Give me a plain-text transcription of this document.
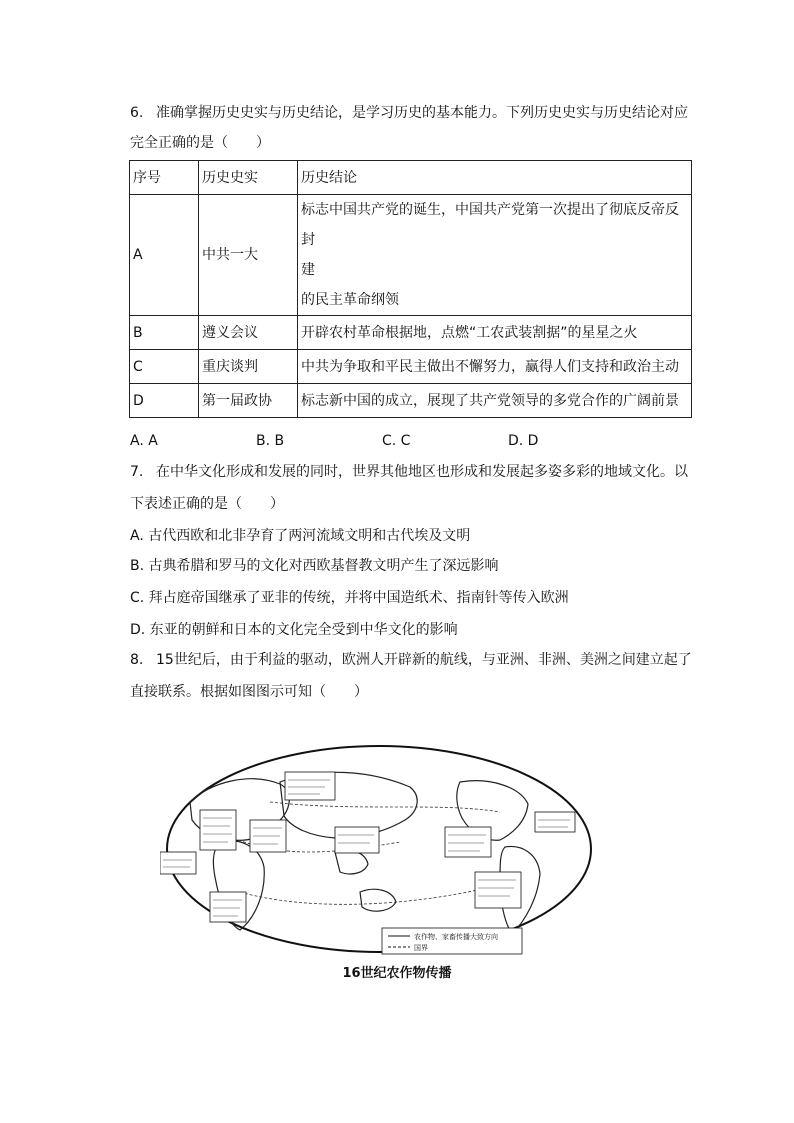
6. 准确掌握历史史实与历史结论，是学习历史的基本能力。下列历史史实与历史结论对应
完全正确的是（　　）
序号	历史史实	历史结论
A	中共一大	标志中国共产党的诞生，中国共产党第一次提出了彻底反帝反封
建
的民主革命纲领

B	遵义会议	开辟农村革命根据地，点燃“工农武装割据”的星星之火
C	重庆谈判	中共为争取和平民主做出不懈努力，赢得人们支持和政治主动
D	第一届政协	标志新中国的成立，展现了共产党领导的多党合作的广阔前景
A. A	B. B	C. C	D. D
7. 在中华文化形成和发展的同时，世界其他地区也形成和发展起多姿多彩的地域文化。以
下表述正确的是（　　）
A. 古代西欧和北非孕育了两河流域文明和古代埃及文明
B. 古典希腊和罗马的文化对西欧基督教文明产生了深远影响
C. 拜占庭帝国继承了亚非的传统，并将中国造纸术、指南针等传入欧洲
D. 东亚的朝鲜和日本的文化完全受到中华文化的影响
8. 15世纪后，由于利益的驱动，欧洲人开辟新的航线，与亚洲、非洲、美洲之间建立起了
直接联系。根据如图图示可知（　　）
农作物、家畜传播大致方向
国界
16世纪农作物传播
